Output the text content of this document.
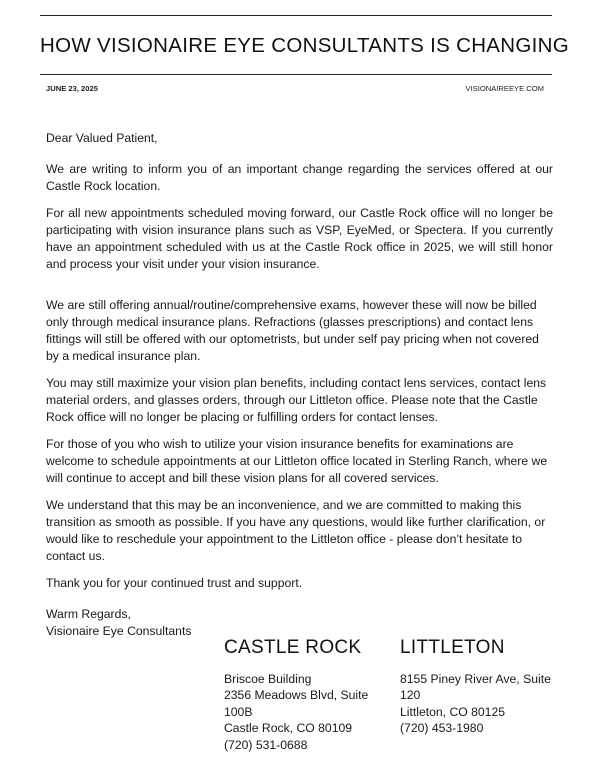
HOW VISIONAIRE EYE CONSULTANTS IS CHANGING
JUNE 23, 2025	VISIONAIREEYE.COM

Dear Valued Patient,

We are writing to inform you of an important change regarding the services offered at our Castle Rock location.

For all new appointments scheduled moving forward, our Castle Rock office will no longer be participating with vision insurance plans such as VSP, EyeMed, or Spectera. If you currently have an appointment scheduled with us at the Castle Rock office in 2025, we will still honor and process your visit under your vision insurance.

We are still offering annual/routine/comprehensive exams, however these will now be billed only through medical insurance plans. Refractions (glasses prescriptions) and contact lens fittings will still be offered with our optometrists, but under self pay pricing when not covered by a medical insurance plan.

You may still maximize your vision plan benefits, including contact lens services, contact lens material orders, and glasses orders, through our Littleton office. Please note that the Castle Rock office will no longer be placing or fulfilling orders for contact lenses.

For those of you who wish to utilize your vision insurance benefits for examinations are welcome to schedule appointments at our Littleton office located in Sterling Ranch, where we will continue to accept and bill these vision plans for all covered services.

We understand that this may be an inconvenience, and we are committed to making this transition as smooth as possible. If you have any questions, would like further clarification, or would like to reschedule your appointment to the Littleton office - please don’t hesitate to contact us.

Thank you for your continued trust and support.

Warm Regards,

Visionaire Eye Consultants

CASTLE ROCK
Briscoe Building
2356 Meadows Blvd, Suite 100B
Castle Rock, CO 80109
(720) 531-0688
LITTLETON
8155 Piney River Ave, Suite 120
Littleton, CO 80125
(720) 453-1980
